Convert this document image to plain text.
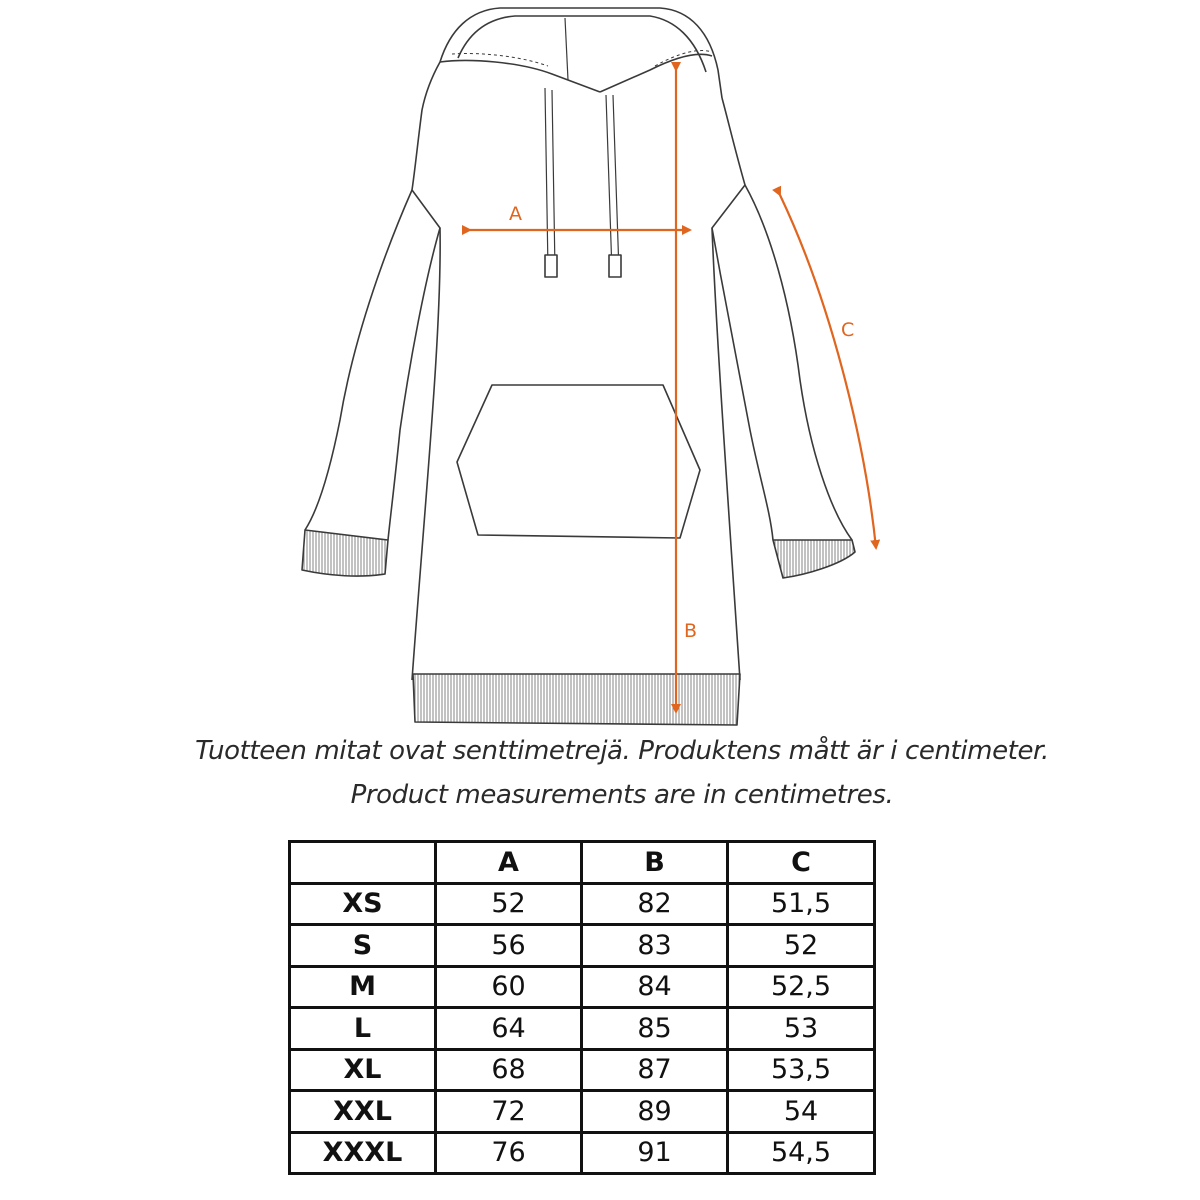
A
B
C
Tuotteen mitat ovat senttimetrejä. Produktens mått är i centimeter.
Product measurements are in centimetres.
	A	B	C
XS	52	82	51,5
S	56	83	52
M	60	84	52,5
L	64	85	53
XL	68	87	53,5
XXL	72	89	54
XXXL	76	91	54,5
